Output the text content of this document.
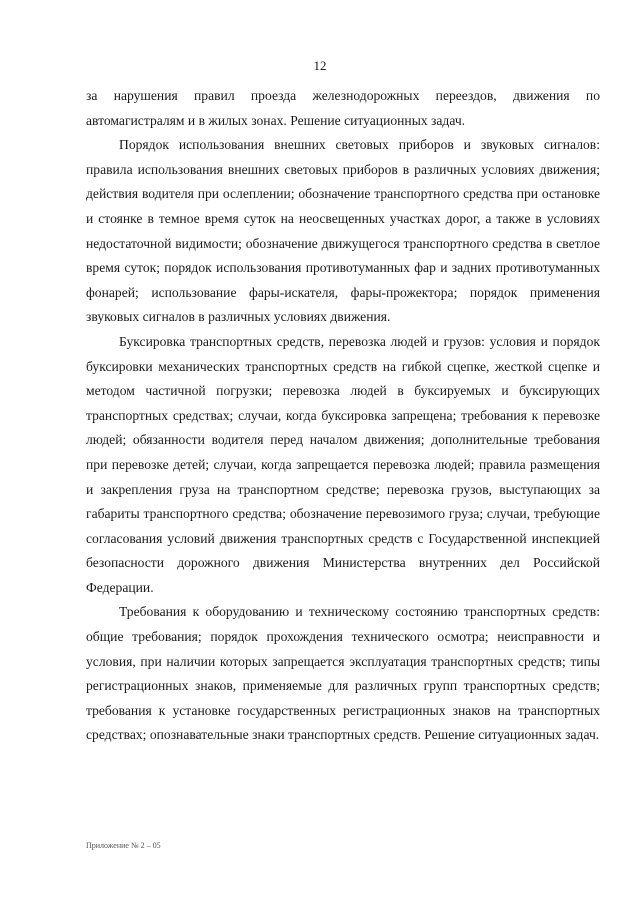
12

за нарушения правил проезда железнодорожных переездов, движения по автомагистралям и в жилых зонах. Решение ситуационных задач.

Порядок использования внешних световых приборов и звуковых сигналов: правила использования внешних световых приборов в различных условиях движения; действия водителя при ослеплении; обозначение транспортного средства при остановке и стоянке в темное время суток на неосвещенных участках дорог, а также в условиях недостаточной видимости; обозначение движущегося транспортного средства в светлое время суток; порядок использования противотуманных фар и задних противотуманных фонарей; использование фары-искателя, фары-прожектора; порядок применения звуковых сигналов в различных условиях движения.

Буксировка транспортных средств, перевозка людей и грузов: условия и порядок буксировки механических транспортных средств на гибкой сцепке, жесткой сцепке и методом частичной погрузки; перевозка людей в буксируемых и буксирующих транспортных средствах; случаи, когда буксировка запрещена; требования к перевозке людей; обязанности водителя перед началом движения; дополнительные требования при перевозке детей; случаи, когда запрещается перевозка людей; правила размещения и закрепления груза на транспортном средстве; перевозка грузов, выступающих за габариты транспортного средства; обозначение перевозимого груза; случаи, требующие согласования условий движения транспортных средств с Государственной инспекцией безопасности дорожного движения Министерства внутренних дел Российской Федерации.

Требования к оборудованию и техническому состоянию транспортных средств: общие требования; порядок прохождения технического осмотра; неисправности и условия, при наличии которых запрещается эксплуатация транспортных средств; типы регистрационных знаков, применяемые для различных групп транспортных средств; требования к установке государственных регистрационных знаков на транспортных средствах; опознавательные знаки транспортных средств. Решение ситуационных задач.

Приложение № 2 – 05
